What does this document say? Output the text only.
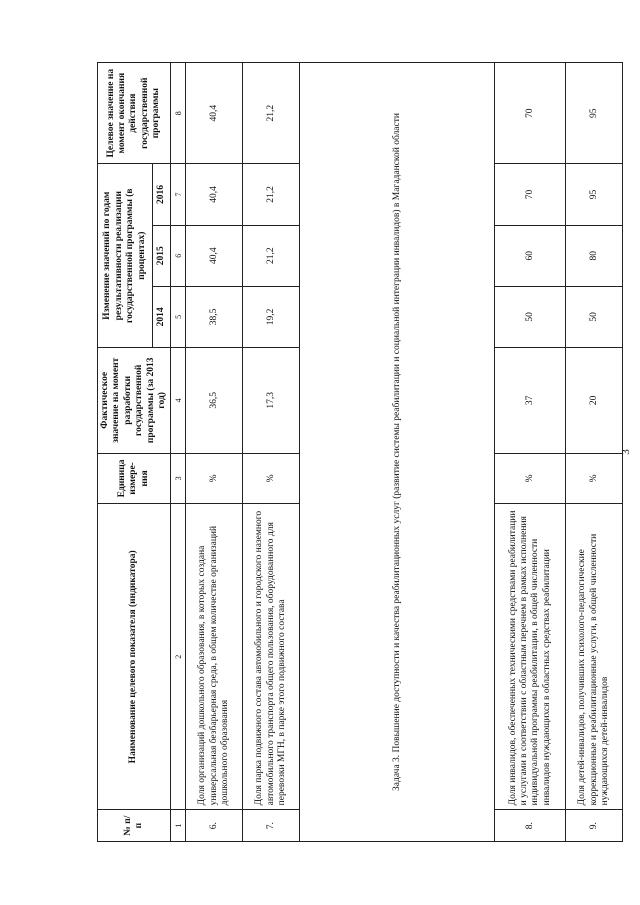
3
№ п/п	Наименование целевого показателя (индикатора)	Единица измере-ния	Фактическое значение на момент разработки государственной программы (за 2013 год)	Изменение значений по годам результативности реализации государственной программы (в процентах)			Целевое значение на момент окончания действия государственной программы
				2014	2015	2016	
1	2	3	4	5	6	7	8
6.	Доля организаций дошкольного образования, в которых создана универсальная безбарьерная среда, в общем количестве организаций дошкольного образования	%	36,5	38,5	40,4	40,4	40,4
7.	Доля парка подвижного состава автомобильного и городского наземного автомобильного транспорта общего пользования, оборудованного для перевозки МГН, в парке этого подвижного состава	%	17,3	19,2	21,2	21,2	21,2
Задача 3. Повышение доступности и качества реабилитационных услуг (развитие системы реабилитации и социальной интеграции инвалидов) в Магаданской области							
8.	Доля инвалидов, обеспеченных техническими средствами реабилитации и услугами в соответствии с областным перечнем в рамках исполнения индивидуальной программы реабилитации, в общей численности инвалидов нуждающихся в областных средствах реабилитации	%	37	50	60	70	70
9.	Доля детей-инвалидов, получивших психолого-педагогические коррекционные и реабилитационные услуги, в общей численности нуждающихся детей-инвалидов	%	20	50	80	95	95
